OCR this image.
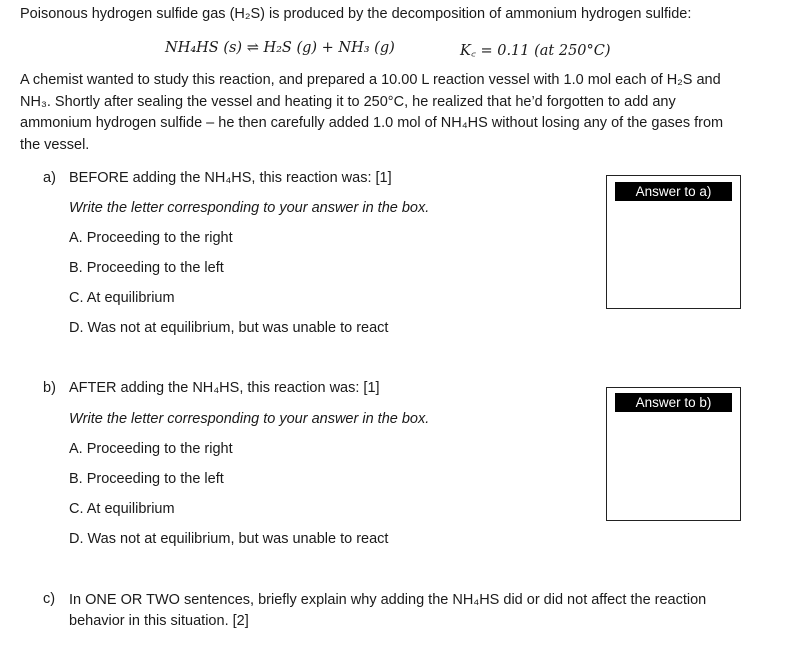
Poisonous hydrogen sulfide gas (H₂S) is produced by the decomposition of ammonium hydrogen sulfide:
NH₄HS (s) ⇌ H₂S (g) + NH₃ (g)	K꜀ = 0.11 (at 250°C)
A chemist wanted to study this reaction, and prepared a 10.00 L reaction vessel with 1.0 mol each of H₂S and
NH₃. Shortly after sealing the vessel and heating it to 250°C, he realized that he’d forgotten to add any
ammonium hydrogen sulfide – he then carefully added 1.0 mol of NH₄HS without losing any of the gases from
the vessel.
a) BEFORE adding the NH₄HS, this reaction was: [1]
Write the letter corresponding to your answer in the box.
A. Proceeding to the right
B. Proceeding to the left
C. At equilibrium
D. Was not at equilibrium, but was unable to react
Answer to a)
b) AFTER adding the NH₄HS, this reaction was: [1]
Write the letter corresponding to your answer in the box.
A. Proceeding to the right
B. Proceeding to the left
C. At equilibrium
D. Was not at equilibrium, but was unable to react
Answer to b)
c) In ONE OR TWO sentences, briefly explain why adding the NH₄HS did or did not affect the reaction
behavior in this situation. [2]
